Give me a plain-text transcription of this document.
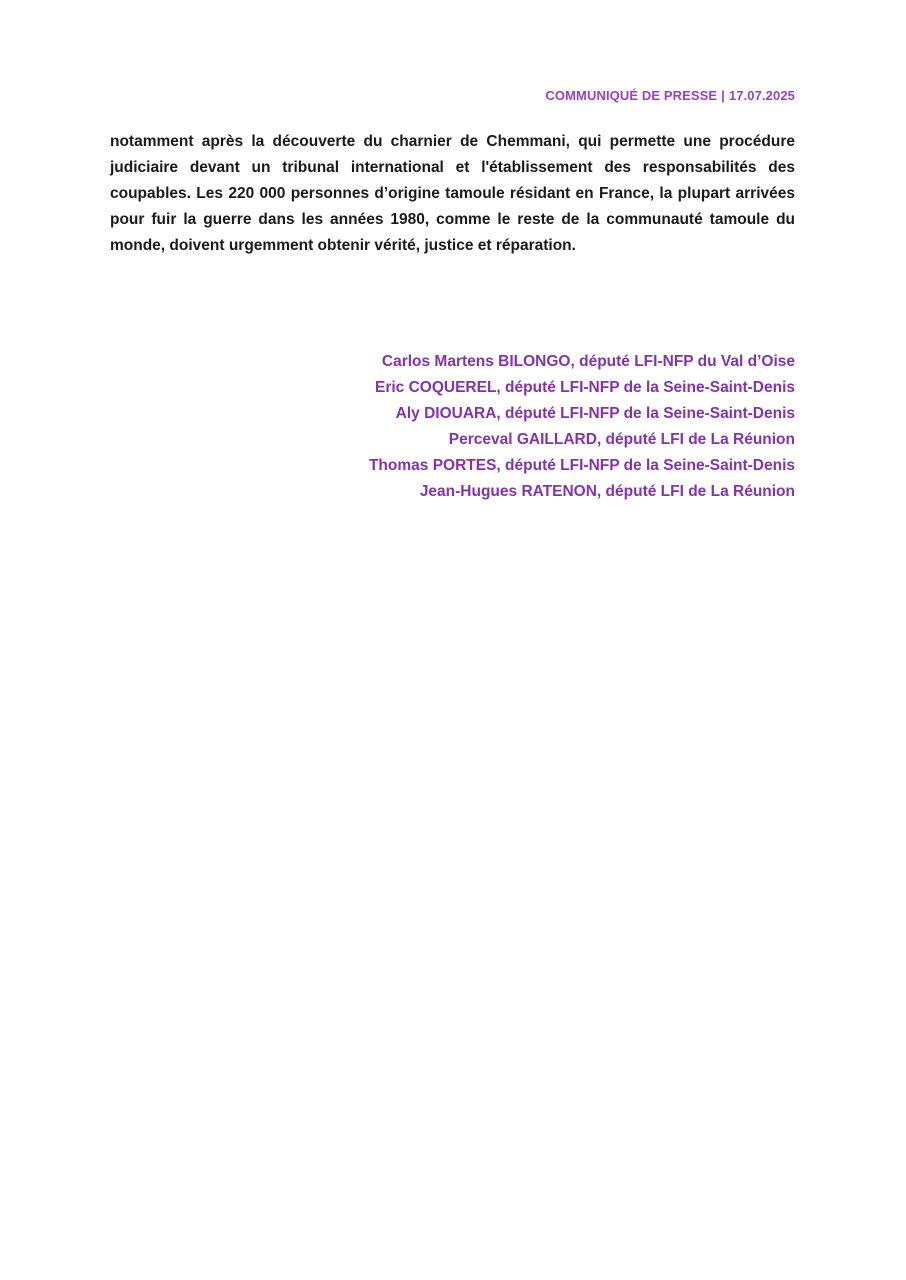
COMMUNIQUÉ DE PRESSE | 17.07.2025

notamment après la découverte du charnier de Chemmani, qui permette une procédure judiciaire devant un tribunal international et l'établissement des responsabilités des coupables. Les 220 000 personnes d’origine tamoule résidant en France, la plupart arrivées pour fuir la guerre dans les années 1980, comme le reste de la communauté tamoule du monde, doivent urgemment obtenir vérité, justice et réparation.

Carlos Martens BILONGO, député LFI-NFP du Val d’Oise
Eric COQUEREL, député LFI-NFP de la Seine-Saint-Denis
Aly DIOUARA, député LFI-NFP de la Seine-Saint-Denis
Perceval GAILLARD, député LFI de La Réunion
Thomas PORTES, député LFI-NFP de la Seine-Saint-Denis
Jean-Hugues RATENON, député LFI de La Réunion
